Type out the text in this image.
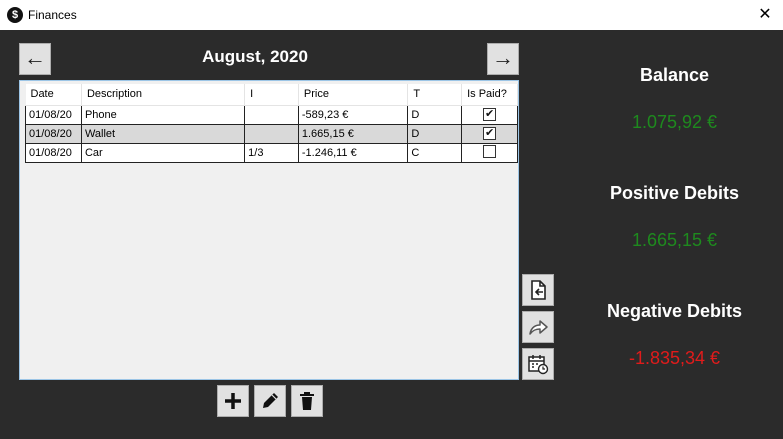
$ Finances	✕
←	August, 2020	→
Date	Description	I	Price	T	Is Paid?
01/08/20	Phone		-589,23 €	D	✔
01/08/20	Wallet		1.665,15 €	D	✔
01/08/20	Car	1/3	-1.246,11 €	C	
Balance
1.075,92 €
Positive Debits
1.665,15 €
Negative Debits
-1.835,34 €
